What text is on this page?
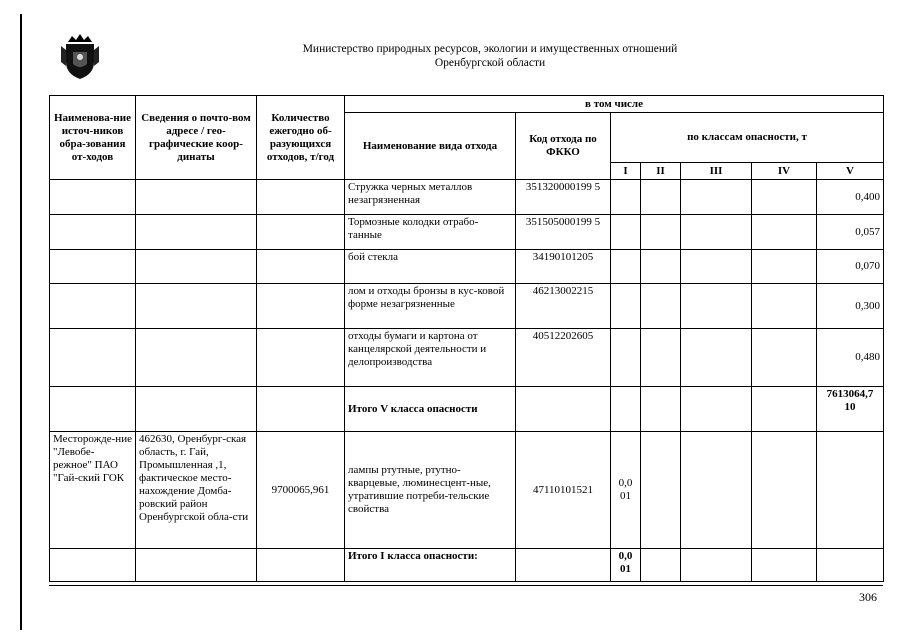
Министерство природных ресурсов, экологии и имущественных отношений
Оренбургской области
Наименова-ние источ-ников обра-зования от-ходов	Сведения о почто-вом адресе / гео-графические коор-динаты	Количество ежегодно об-разующихся отходов, т/год	в том числе						
			Наименование вида отхода	Код отхода по ФККО	по классам опасности, т				
					I	II	III	IV	V
			Стружка черных металлов незагрязненная	351320000199 5					0,400
			Тормозные колодки отрабо-танные	351505000199 5					0,057
			бой стекла	34190101205					0,070
			лом и отходы бронзы в кус-ковой форме незагрязненные	46213002215					0,300
			отходы бумаги и картона от канцелярской деятельности и делопроизводства	40512202605					0,480
			Итого V класса опасности						7613064,7 10
Месторожде-ние "Левобе-режное" ПАО "Гай-ский ГОК	462630, Оренбург-ская область, г. Гай, Промышленная ,1, фактическое место-нахождение Домба-ровский район Оренбургской обла-сти	9700065,961	лампы ртутные, ртутно-кварцевые, люминесцент-ные, утратившие потреби-тельские свойства	47110101521	0,0 01				
			Итого I класса опасности:		0,0 01				
306
